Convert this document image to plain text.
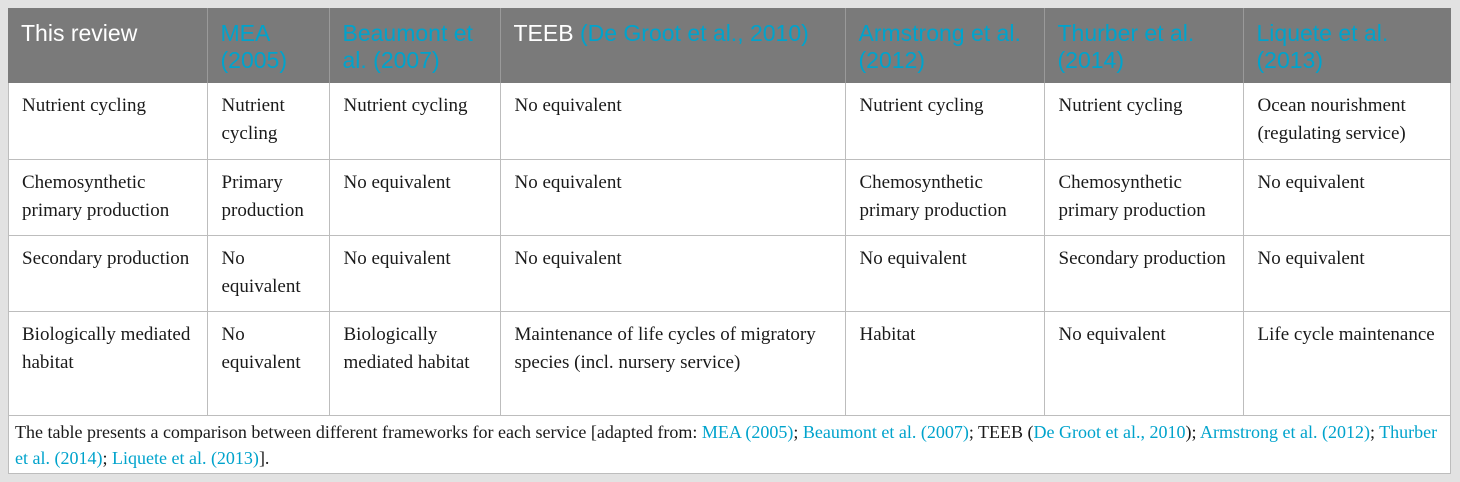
This review	MEA (2005)	Beaumont et al. (2007)	TEEB (De Groot et al., 2010)	Armstrong et al. (2012)	Thurber et al. (2014)	Liquete et al. (2013)
Nutrient cycling	Nutrient cycling	Nutrient cycling	No equivalent	Nutrient cycling	Nutrient cycling	Ocean nourishment (regulating service)
Chemosynthetic primary production	Primary production	No equivalent	No equivalent	Chemosynthetic primary production	Chemosynthetic primary production	No equivalent
Secondary production	No equivalent	No equivalent	No equivalent	No equivalent	Secondary production	No equivalent
Biologically mediated habitat	No equivalent	Biologically mediated habitat	Maintenance of life cycles of migratory species (incl. nursery service)	Habitat	No equivalent	Life cycle maintenance
The table presents a comparison between different frameworks for each service [adapted from: MEA (2005); Beaumont et al. (2007); TEEB (De Groot et al., 2010); Armstrong et al. (2012); Thurber et al. (2014); Liquete et al. (2013)].
